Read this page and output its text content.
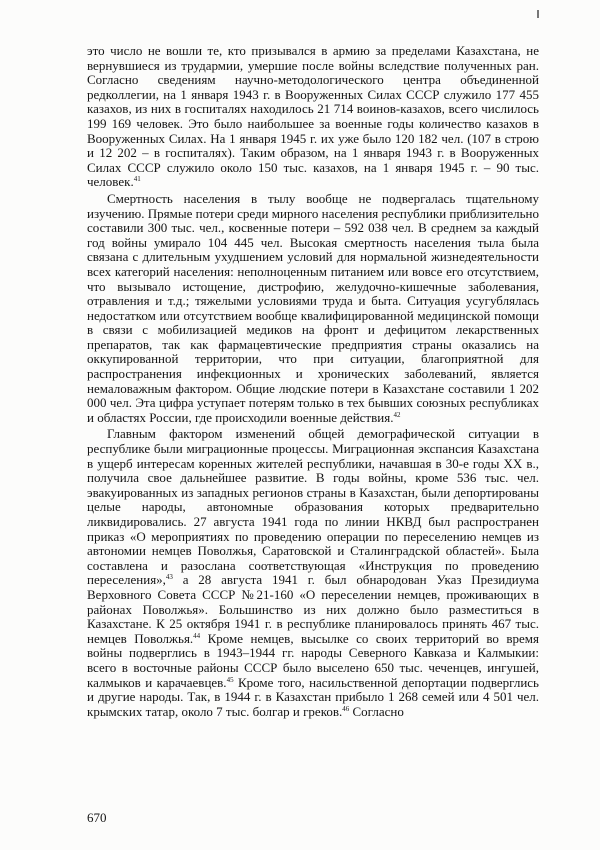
это число не вошли те, кто призывался в армию за пределами Казахстана, не вернувшиеся из трудармии, умершие после войны вследствие полученных ран. Согласно сведениям научно-методологического центра объединенной редколлегии, на 1 января 1943 г. в Вооруженных Силах СССР служило 177 455 казахов, из них в госпиталях находилось 21 714 воинов-казахов, всего числилось 199 169 человек. Это было наибольшее за военные годы количество казахов в Вооруженных Силах. На 1 января 1945 г. их уже было 120 182 чел. (107 в строю и 12 202 – в госпиталях). Таким образом, на 1 января 1943 г. в Вооруженных Силах СССР служило около 150 тыс. казахов, на 1 января 1945 г. – 90 тыс. человек.$^{41}$

Смертность населения в тылу вообще не подвергалась тщательному изучению. Прямые потери среди мирного населения республики приблизительно составили 300 тыс. чел., косвенные потери – 592 038 чел. В среднем за каждый год войны умирало 104 445 чел. Высокая смертность населения тыла была связана с длительным ухудшением условий для нормальной жизнедеятельности всех категорий населения: неполноценным питанием или вовсе его отсутствием, что вызывало истощение, дистрофию, желудочно-кишечные заболевания, отравления и т.д.; тяжелыми условиями труда и быта. Ситуация усугублялась недостатком или отсутствием вообще квалифицированной медицинской помощи в связи с мобилизацией медиков на фронт и дефицитом лекарственных препаратов, так как фармацевтические предприятия страны оказались на оккупированной территории, что при ситуации, благоприятной для распространения инфекционных и хронических заболеваний, является немаловажным фактором. Общие людские потери в Казахстане составили 1 202 000 чел. Эта цифра уступает потерям только в тех бывших союзных республиках и областях России, где происходили военные действия.$^{42}$

Главным фактором изменений общей демографической ситуации в республике были миграционные процессы. Миграционная экспансия Казахстана в ущерб интересам коренных жителей республики, начавшая в 30-е годы XX в., получила свое дальнейшее развитие. В годы войны, кроме 536 тыс. чел. эвакуированных из западных регионов страны в Казахстан, были депортированы целые народы, автономные образования которых предварительно ликвидировались. 27 августа 1941 года по линии НКВД был распространен приказ «О мероприятиях по проведению операции по переселению немцев из автономии немцев Поволжья, Саратовской и Сталинградской областей». Была составлена и разослана соответствующая «Инструкция по проведению переселения»,$^{43}$ а 28 августа 1941 г. был обнародован Указ Президиума Верховного Совета СССР №21-160 «О переселении немцев, проживающих в районах Поволжья». Большинство из них должно было разместиться в Казахстане. К 25 октября 1941 г. в республике планировалось принять 467 тыс. немцев Поволжья.$^{44}$ Кроме немцев, высылке со своих территорий во время войны подверглись в 1943–1944 гг. народы Северного Кавказа и Калмыкии: всего в восточные районы СССР было выселено 650 тыс. чеченцев, ингушей, калмыков и карачаевцев.$^{45}$ Кроме того, насильственной депортации подверглись и другие народы. Так, в 1944 г. в Казахстан прибыло 1 268 семей или 4 501 чел. крымских татар, около 7 тыс. болгар и греков.$^{46}$ Согласно

670
